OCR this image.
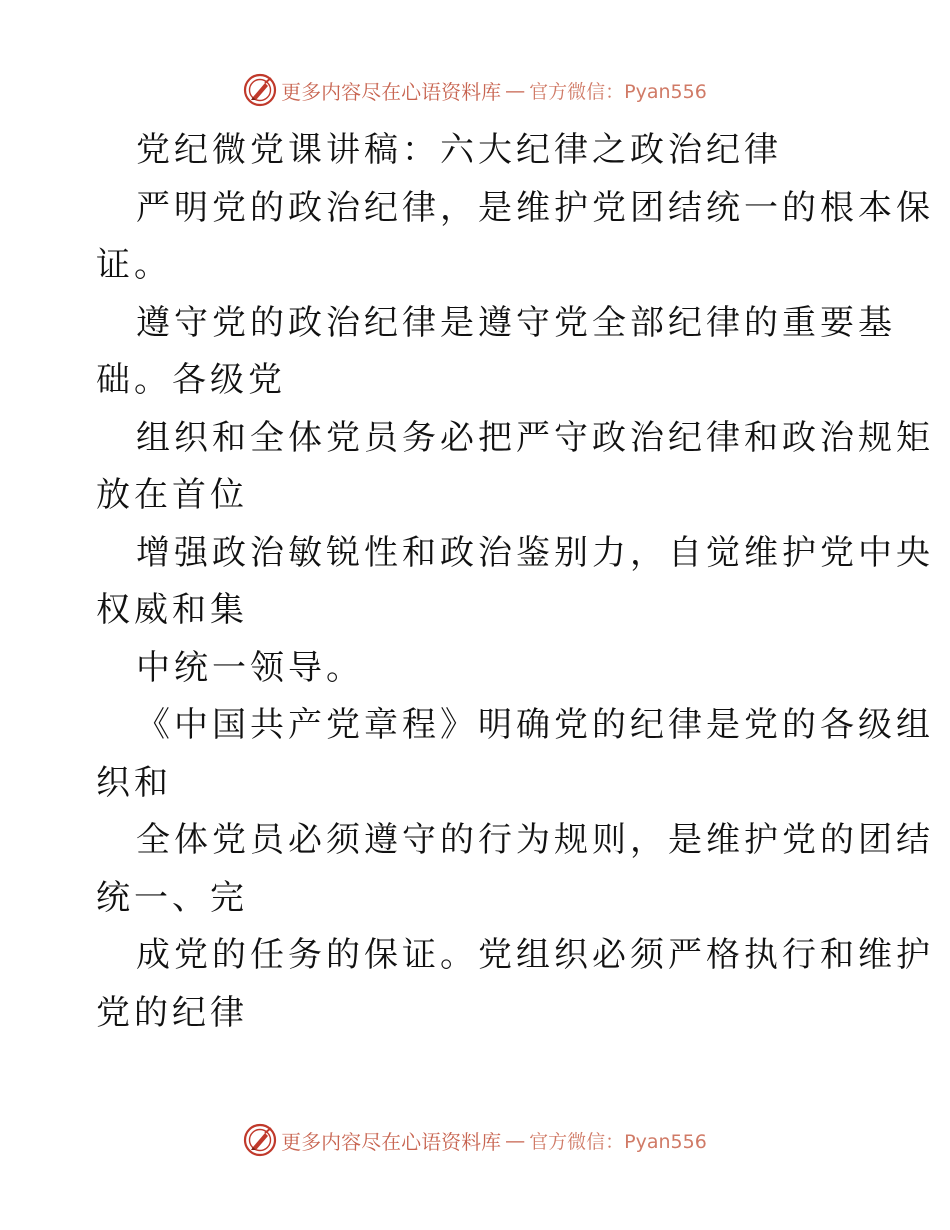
更多内容尽在心语资料库 — 官方微信：Pyan556
党纪微党课讲稿：六大纪律之政治纪律
严明党的政治纪律，是维护党团结统一的根本保
证。
遵守党的政治纪律是遵守党全部纪律的重要基
础。各级党
组织和全体党员务必把严守政治纪律和政治规矩
放在首位
增强政治敏锐性和政治鉴别力，自觉维护党中央
权威和集
中统一领导。
《中国共产党章程》明确党的纪律是党的各级组
织和
全体党员必须遵守的行为规则，是维护党的团结
统一、完
成党的任务的保证。党组织必须严格执行和维护
党的纪律
更多内容尽在心语资料库 — 官方微信：Pyan556
